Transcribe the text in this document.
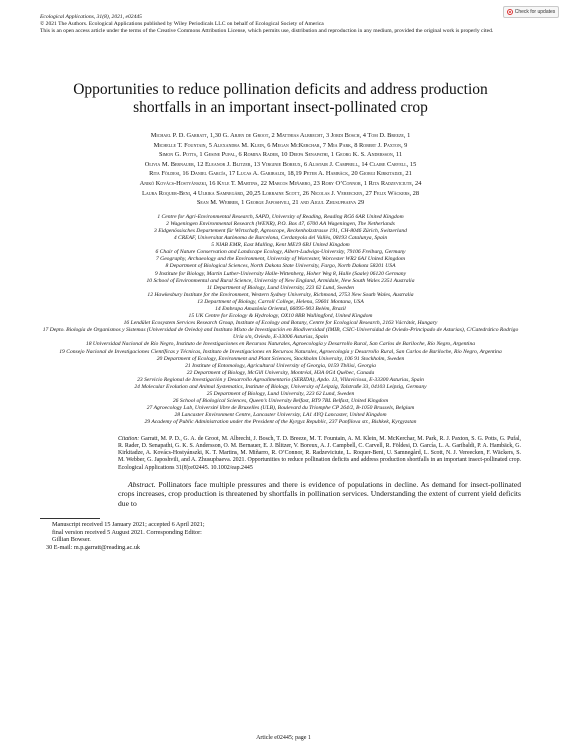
Check for updates
Ecological Applications, 31(8), 2021, e02445
© 2021 The Authors. Ecological Applications published by Wiley Periodicals LLC on behalf of Ecological Society of America
This is an open access article under the terms of the Creative Commons Attribution License, which permits use, distribution and reproduction in any medium, provided the original work is properly cited.
Opportunities to reduce pollination deficits and address production shortfalls in an important insect-pollinated crop
Michael P. D. Garratt, 1,30 G. Arjen de Groot, 2 Matthias Albrecht, 3 Jordi Bosch, 4 Tom D. Breeze, 1
Michelle T. Fountain, 5 Alexandra M. Klein, 6 Megan McKerchar, 7 Mia Park, 8 Robert J. Paxton, 9
Simon G. Potts, 1 Gesine Pufal, 6 Romina Rader, 10 Deepa Senapathi, 1 Georg K. S. Andersson, 11
Olivia M. Bernauer, 12 Eleanor J. Blitzer, 13 Virginie Boreux, 6 Alistair J. Campbell, 14 Claire Carvell, 15
Rita Földesi, 16 Daniel García, 17 Lucas A. Garibaldi, 18,19 Peter A. Hambäck, 20 Giorgi Kirkitadze, 21
Anikó Kovács-Hostyánszki, 16 Kyle T. Martins, 22 Marcos Miñarro, 23 Rory O’Connor, 1 Rita Radzeviciute, 24
Laura Roquer-Beni, 4 Ulrika Samnegård, 20,25 Lorraine Scott, 26 Nicolas J. Vereecken, 27 Felix Wäckers, 28
Sean M. Webber, 1 George Japoshvili, 21 and Aigul Zhusupbaeva 29

1 Centre for Agri-Environmental Research, SAPD, University of Reading, Reading RG6 6AR United Kingdom

2 Wageningen Environmental Research (WENR), P.O. Box 47, 6700 AA Wageningen, The Netherlands

3 Eidgenössisches Departement für Wirtschaft, Agroscope, Reckenholzstrasse 191, CH-8046 Zürich, Switzerland

4 CREAF, Universitat Autònoma de Barcelona, Cerdanyola del Vallès, 08193 Catalunya, Spain

5 NIAB EMR, East Malling, Kent ME19 6BJ United Kingdom

6 Chair of Nature Conservation and Landscape Ecology, Albert-Ludwigs-University, 79106 Freiburg, Germany

7 Geography, Archaeology and the Environment, University of Worcester, Worcester WR2 6AJ United Kingdom

8 Department of Biological Sciences, North Dakota State University, Fargo, North Dakota 58201 USA

9 Institute for Biology, Martin Luther-University Halle-Wittenberg, Hoher Weg 8, Halle (Saale) 06120 Germany

10 School of Environmental and Rural Science, University of New England, Armidale, New South Wales 2351 Australia

11 Department of Biology, Lund University, 223 62 Lund, Sweden

12 Hawkesbury Institute for the Environment, Western Sydney University, Richmond, 2753 New South Wales, Australia

13 Department of Biology, Carroll College, Helena, 59601 Montana, USA

14 Embrapa Amazônia Oriental, 66095-903 Belém, Brazil

15 UK Centre for Ecology & Hydrology, OX10 8BB Wallingford, United Kingdom

16 Lendület Ecosystem Services Research Group, Institute of Ecology and Botany, Centre for Ecological Research, 2163 Vácrátót, Hungary

17 Depto. Biología de Organismos y Sistemas (Universidad de Oviedo) and Instituto Mixto de Investigación en Biodiversidad (IMIB, CSIC-Universidad de Oviedo-Principado de Asturias), C/Catedrático Rodrigo Uría s/n, Oviedo, E-33006 Asturias, Spain

18 Universidad Nacional de Río Negro, Instituto de Investigaciones en Recursos Naturales, Agroecología y Desarrollo Rural, San Carlos de Bariloche, Río Negro, Argentina

19 Consejo Nacional de Investigaciones Científicas y Técnicas, Instituto de Investigaciones en Recursos Naturales, Agroecología y Desarrollo Rural, San Carlos de Bariloche, Río Negro, Argentina

20 Department of Ecology, Environment and Plant Sciences, Stockholm University, 106 91 Stockholm, Sweden

21 Institute of Entomology, Agricultural University of Georgia, 0159 Tbilisi, Georgia

22 Department of Biology, McGill University, Montréal, H3A 0G4 Québec, Canada

23 Servicio Regional de Investigación y Desarrollo Agroalimentario (SERIDA), Apdo. 13, Villaviciosa, E-33300 Asturias, Spain

24 Molecular Evolution and Animal Systematics, Institute of Biology, University of Leipzig, Talstraße 33, 04103 Leipzig, Germany

25 Department of Biology, Lund University, 223 62 Lund, Sweden

26 School of Biological Sciences, Queen’s University Belfast, BT9 7BL Belfast, United Kingdom

27 Agroecology Lab, Université libre de Bruxelles (ULB), Boulevard du Triomphe CP 264/2, B-1050 Brussels, Belgium

28 Lancaster Environment Centre, Lancaster University, LA1 4YQ Lancaster, United Kingdom

29 Academy of Public Administration under the President of the Kyrgyz Republic, 237 Panfilova str., Bishkek, Kyrgyzstan

Citation: Garratt, M. P. D., G. A. de Groot, M. Albrecht, J. Bosch, T. D. Breeze, M. T. Fountain, A. M. Klein, M. McKerchar, M. Park, R. J. Paxton, S. G. Potts, G. Pufal, R. Rader, D. Senapathi, G. K. S. Andersson, O. M. Bernauer, E. J. Blitzer, V. Boreux, A. J. Campbell, C. Carvell, R. Földesi, D. García, L. A. Garibaldi, P. A. Hambäck, G. Kirkitadze, A. Kovács-Hostyánszki, K. T. Martins, M. Miñarro, R. O’Connor, R. Radzeviciute, L. Roquer-Beni, U. Samnegård, L. Scott, N. J. Vereecken, F. Wäckers, S. M. Webber, G. Japoshvili, and A. Zhusupbaeva. 2021. Opportunities to reduce pollination deficits and address production shortfalls in an important insect-pollinated crop. Ecological Applications 31(8):e02445. 10.1002/eap.2445
Abstract. Pollinators face multiple pressures and there is evidence of populations in decline. As demand for insect-pollinated crops increases, crop production is threatened by shortfalls in pollination services. Understanding the extent of current yield deficits due to

Manuscript received 15 January 2021; accepted 6 April 2021;

final version received 5 August 2021. Corresponding Editor:

Gillian Bowser.

30 E-mail: m.p.garratt@reading.ac.uk

Article e02445; page 1
